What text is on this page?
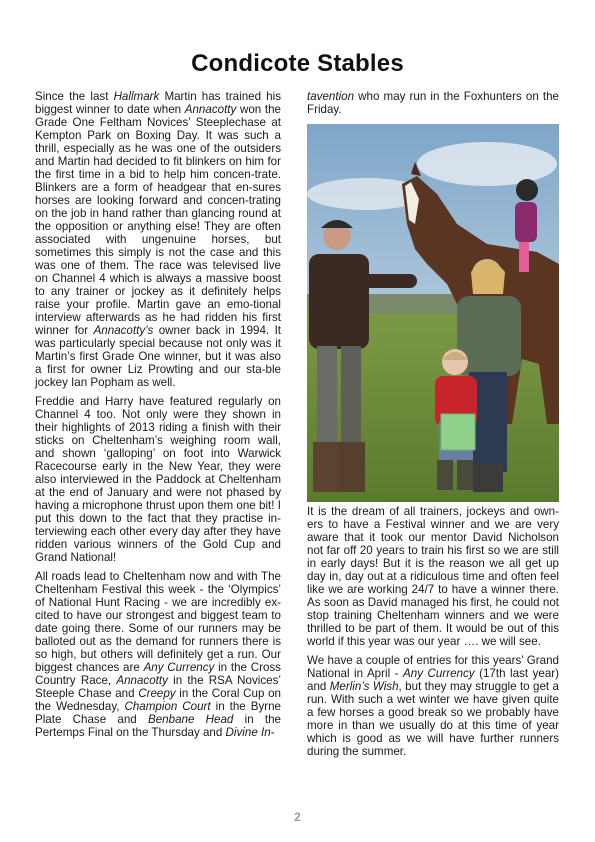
Condicote Stables

Since the last Hallmark Martin has trained his biggest winner to date when Annacotty won the Grade One Feltham Novices’ Steeplechase at Kempton Park on Boxing Day. It was such a thrill, especially as he was one of the outsiders and Martin had decided to fit blinkers on him for the first time in a bid to help him concen-trate. Blinkers are a form of headgear that en-sures horses are looking forward and concen-trating on the job in hand rather than glancing round at the opposition or anything else! They are often associated with ungenuine horses, but sometimes this simply is not the case and this was one of them. The race was televised live on Channel 4 which is always a massive boost to any trainer or jockey as it definitely helps raise your profile. Martin gave an emo-tional interview afterwards as he had ridden his first winner for Annacotty’s owner back in 1994. It was particularly special because not only was it Martin’s first Grade One winner, but it was also a first for owner Liz Prowting and our sta-ble jockey Ian Popham as well.

Freddie and Harry have featured regularly on Channel 4 too. Not only were they shown in their highlights of 2013 riding a finish with their sticks on Cheltenham’s weighing room wall, and shown ‘galloping’ on foot into Warwick Racecourse early in the New Year, they were also interviewed in the Paddock at Cheltenham at the end of January and were not phased by having a microphone thrust upon them one bit! I put this down to the fact that they practise in-terviewing each other every day after they have ridden various winners of the Gold Cup and Grand National!

All roads lead to Cheltenham now and with The Cheltenham Festival this week - the ‘Olympics’ of National Hunt Racing - we are incredibly ex-cited to have our strongest and biggest team to date going there. Some of our runners may be balloted out as the demand for runners there is so high, but others will definitely get a run. Our biggest chances are Any Currency in the Cross Country Race, Annacotty in the RSA Novices’ Steeple Chase and Creepy in the Coral Cup on the Wednesday, Champion Court in the Byrne Plate Chase and Benbane Head in the Pertemps Final on the Thursday and Divine In-

tavention who may run in the Foxhunters on the Friday.

It is the dream of all trainers, jockeys and own-ers to have a Festival winner and we are very aware that it took our mentor David Nicholson not far off 20 years to train his first so we are still in early days! But it is the reason we all get up day in, day out at a ridiculous time and often feel like we are working 24/7 to have a winner there. As soon as David managed his first, he could not stop training Cheltenham winners and we were thrilled to be part of them. It would be out of this world if this year was our year …. we will see.

We have a couple of entries for this years’ Grand National in April - Any Currency (17th last year) and Merlin’s Wish, but they may struggle to get a run. With such a wet winter we have given quite a few horses a good break so we probably have more in than we usually do at this time of year which is good as we will have further runners during the summer.

2
